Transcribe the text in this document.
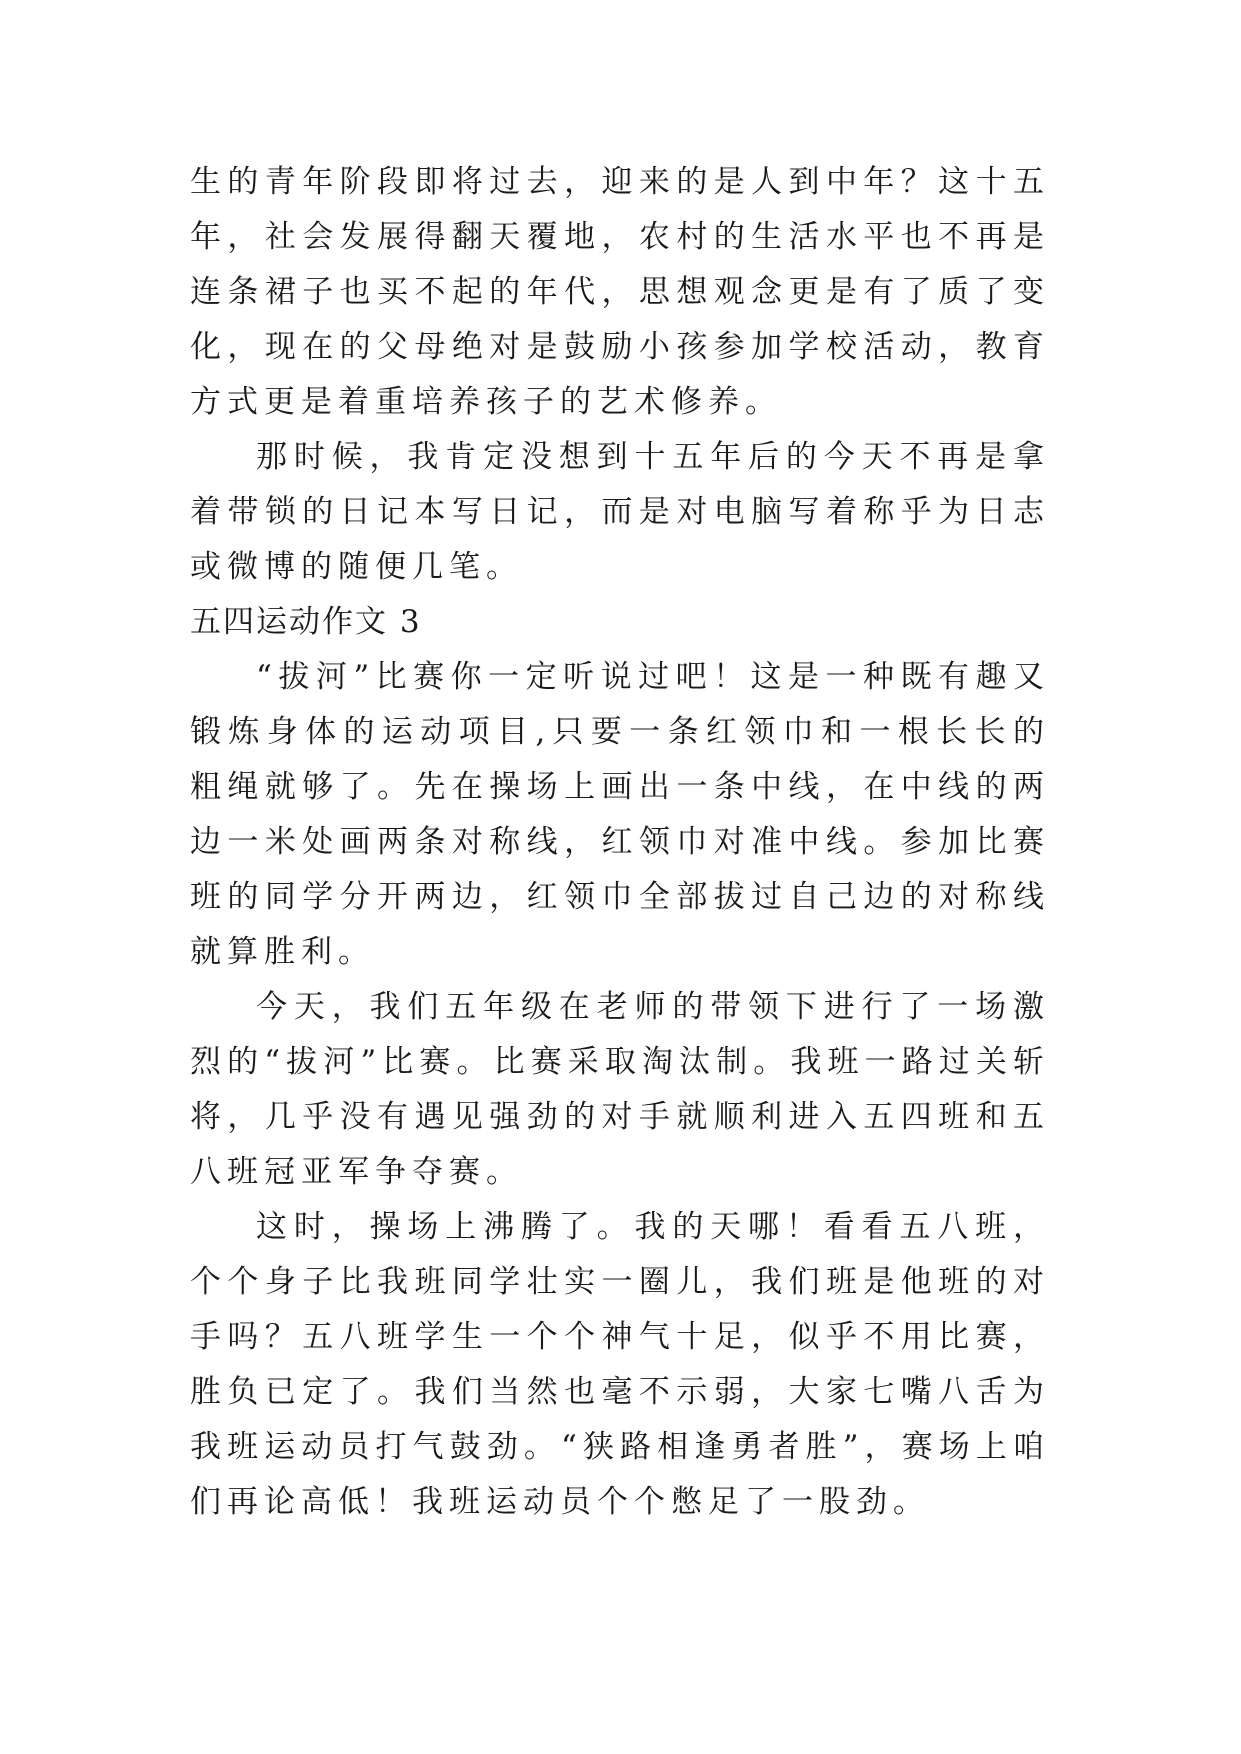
生的青年阶段即将过去，迎来的是人到中年？这十五年，社会发展得翻天覆地，农村的生活水平也不再是连条裙子也买不起的年代，思想观念更是有了质了变化，现在的父母绝对是鼓励小孩参加学校活动，教育方式更是着重培养孩子的艺术修养。

那时候，我肯定没想到十五年后的今天不再是拿着带锁的日记本写日记，而是对电脑写着称乎为日志或微博的随便几笔。

五四运动作文 3

“拔河”比赛你一定听说过吧！这是一种既有趣又锻炼身体的运动项目,只要一条红领巾和一根长长的粗绳就够了。先在操场上画出一条中线，在中线的两边一米处画两条对称线，红领巾对准中线。参加比赛班的同学分开两边，红领巾全部拔过自己边的对称线就算胜利。

今天，我们五年级在老师的带领下进行了一场激烈的“拔河”比赛。比赛采取淘汰制。我班一路过关斩将，几乎没有遇见强劲的对手就顺利进入五四班和五八班冠亚军争夺赛。

这时，操场上沸腾了。我的天哪！看看五八班，个个身子比我班同学壮实一圈儿，我们班是他班的对手吗？五八班学生一个个神气十足，似乎不用比赛，胜负已定了。我们当然也毫不示弱，大家七嘴八舌为我班运动员打气鼓劲。“狭路相逢勇者胜”，赛场上咱们再论高低！我班运动员个个憋足了一股劲。
